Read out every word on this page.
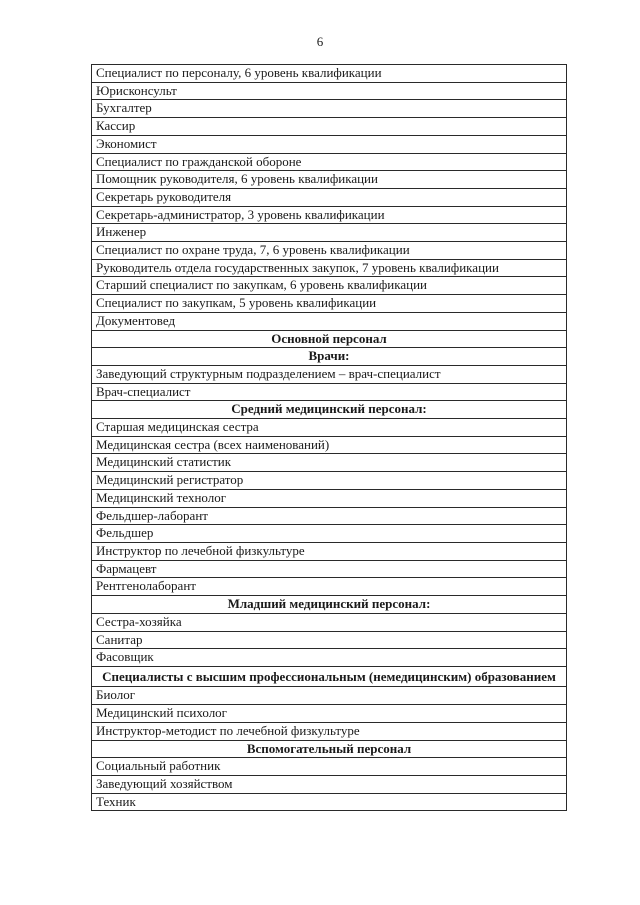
6
Специалист по персоналу, 6 уровень квалификации
Юрисконсульт
Бухгалтер
Кассир
Экономист
Специалист по гражданской обороне
Помощник руководителя, 6 уровень квалификации
Секретарь руководителя
Секретарь-администратор, 3 уровень квалификации
Инженер
Специалист по охране труда, 7, 6 уровень квалификации
Руководитель отдела государственных закупок, 7 уровень квалификации
Старший специалист по закупкам, 6 уровень квалификации
Специалист по закупкам, 5 уровень квалификации
Документовед
Основной персонал
Врачи:
Заведующий структурным подразделением – врач-специалист
Врач-специалист
Средний медицинский персонал:
Старшая медицинская сестра
Медицинская сестра (всех наименований)
Медицинский статистик
Медицинский регистратор
Медицинский технолог
Фельдшер-лаборант
Фельдшер
Инструктор по лечебной физкультуре
Фармацевт
Рентгенолаборант
Младший медицинский персонал:
Сестра-хозяйка
Санитар
Фасовщик
Специалисты с высшим профессиональным (немедицинским) образованием
Биолог
Медицинский психолог
Инструктор-методист по лечебной физкультуре
Вспомогательный персонал
Социальный работник
Заведующий хозяйством
Техник
